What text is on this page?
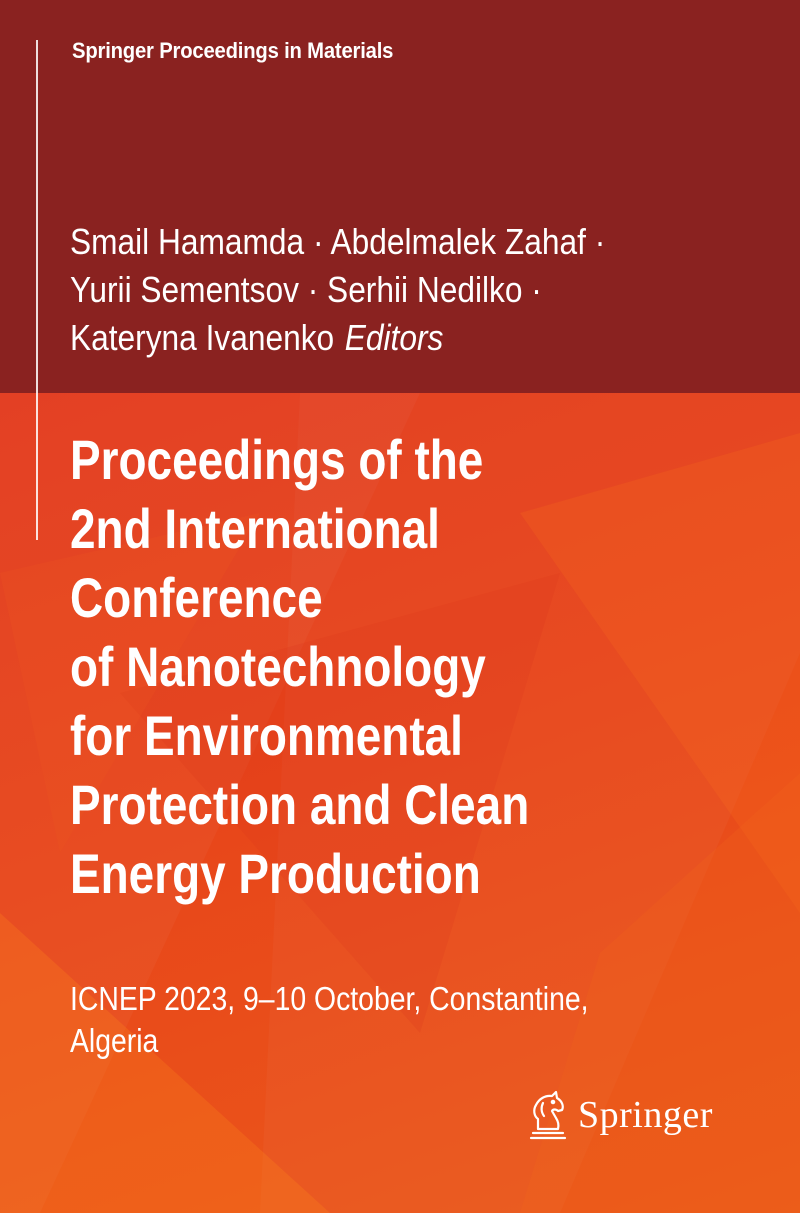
Springer Proceedings in Materials
Smail Hamamda · Abdelmalek Zahaf ·
Yurii Sementsov · Serhii Nedilko ·
Kateryna Ivanenko Editors
Proceedings of the
2nd International
Conference
of Nanotechnology
for Environmental
Protection and Clean
Energy Production
ICNEP 2023, 9–10 October, Constantine,
Algeria
Springer
